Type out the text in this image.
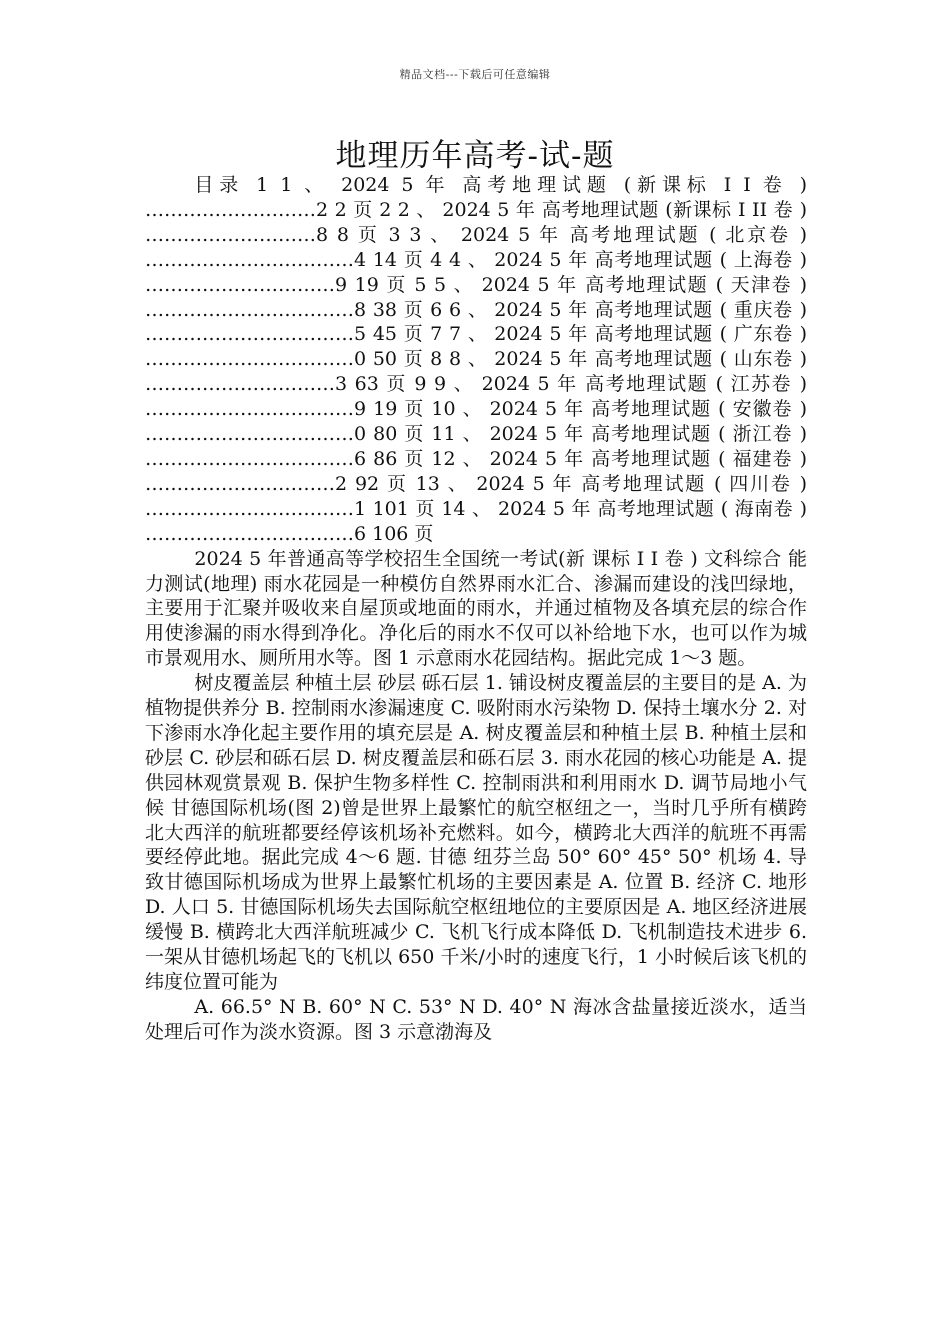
精品文档---下载后可任意编辑
地理历年高考-试-题

目录 1 1 、 2024 5 年 高考地理试题 (新课标 I I 卷 ) ………………………2 2 页 2 2 、 2024 5 年 高考地理试题 (新课标 I II 卷 ) ………………………8 8 页 3 3 、 2024 5 年 高考地理试题 ( 北京卷 ) ……………………………4 14 页 4 4 、 2024 5 年 高考地理试题 ( 上海卷 ) …………………………9 19 页 5 5 、 2024 5 年 高考地理试题 ( 天津卷 ) ……………………………8 38 页 6 6 、 2024 5 年 高考地理试题 ( 重庆卷 ) ……………………………5 45 页 7 7 、 2024 5 年 高考地理试题 ( 广东卷 ) ……………………………0 50 页 8 8 、 2024 5 年 高考地理试题 ( 山东卷 ) …………………………3 63 页 9 9 、 2024 5 年 高考地理试题 ( 江苏卷 ) ……………………………9 19 页 10 、 2024 5 年 高考地理试题 ( 安徽卷 ) ……………………………0 80 页 11 、 2024 5 年 高考地理试题 ( 浙江卷 ) ……………………………6 86 页 12 、 2024 5 年 高考地理试题 ( 福建卷 ) …………………………2 92 页 13 、 2024 5 年 高考地理试题 ( 四川卷 ) ……………………………1 101 页 14 、 2024 5 年 高考地理试题 ( 海南卷 ) ……………………………6 106 页

2024 5 年普通高等学校招生全国统一考试(新 课标 I I 卷 ) 文科综合 能力测试(地理) 雨水花园是一种模仿自然界雨水汇合、渗漏而建设的浅凹绿地，主要用于汇聚并吸收来自屋顶或地面的雨水，并通过植物及各填充层的综合作用使渗漏的雨水得到净化。净化后的雨水不仅可以补给地下水，也可以作为城市景观用水、厕所用水等。图 1 示意雨水花园结构。据此完成 1～3 题。

树皮覆盖层 种植土层 砂层 砾石层 1. 铺设树皮覆盖层的主要目的是 A. 为植物提供养分 B. 控制雨水渗漏速度 C. 吸附雨水污染物 D. 保持土壤水分 2. 对下渗雨水净化起主要作用的填充层是 A. 树皮覆盖层和种植土层 B. 种植土层和砂层 C. 砂层和砾石层 D. 树皮覆盖层和砾石层 3. 雨水花园的核心功能是 A. 提供园林观赏景观 B. 保护生物多样性 C. 控制雨洪和利用雨水 D. 调节局地小气候 甘德国际机场(图 2)曾是世界上最繁忙的航空枢纽之一，当时几乎所有横跨北大西洋的航班都要经停该机场补充燃料。如今，横跨北大西洋的航班不再需要经停此地。据此完成 4～6 题. 甘德 纽芬兰岛 50° 60° 45° 50° 机场 4. 导致甘德国际机场成为世界上最繁忙机场的主要因素是 A. 位置 B. 经济 C. 地形 D. 人口 5. 甘德国际机场失去国际航空枢纽地位的主要原因是 A. 地区经济进展缓慢 B. 横跨北大西洋航班减少 C. 飞机飞行成本降低 D. 飞机制造技术进步 6. 一架从甘德机场起飞的飞机以 650 千米/小时的速度飞行，1 小时候后该飞机的纬度位置可能为

A. 66.5° N B. 60° N C. 53° N D. 40° N 海冰含盐量接近淡水，适当处理后可作为淡水资源。图 3 示意渤海及
